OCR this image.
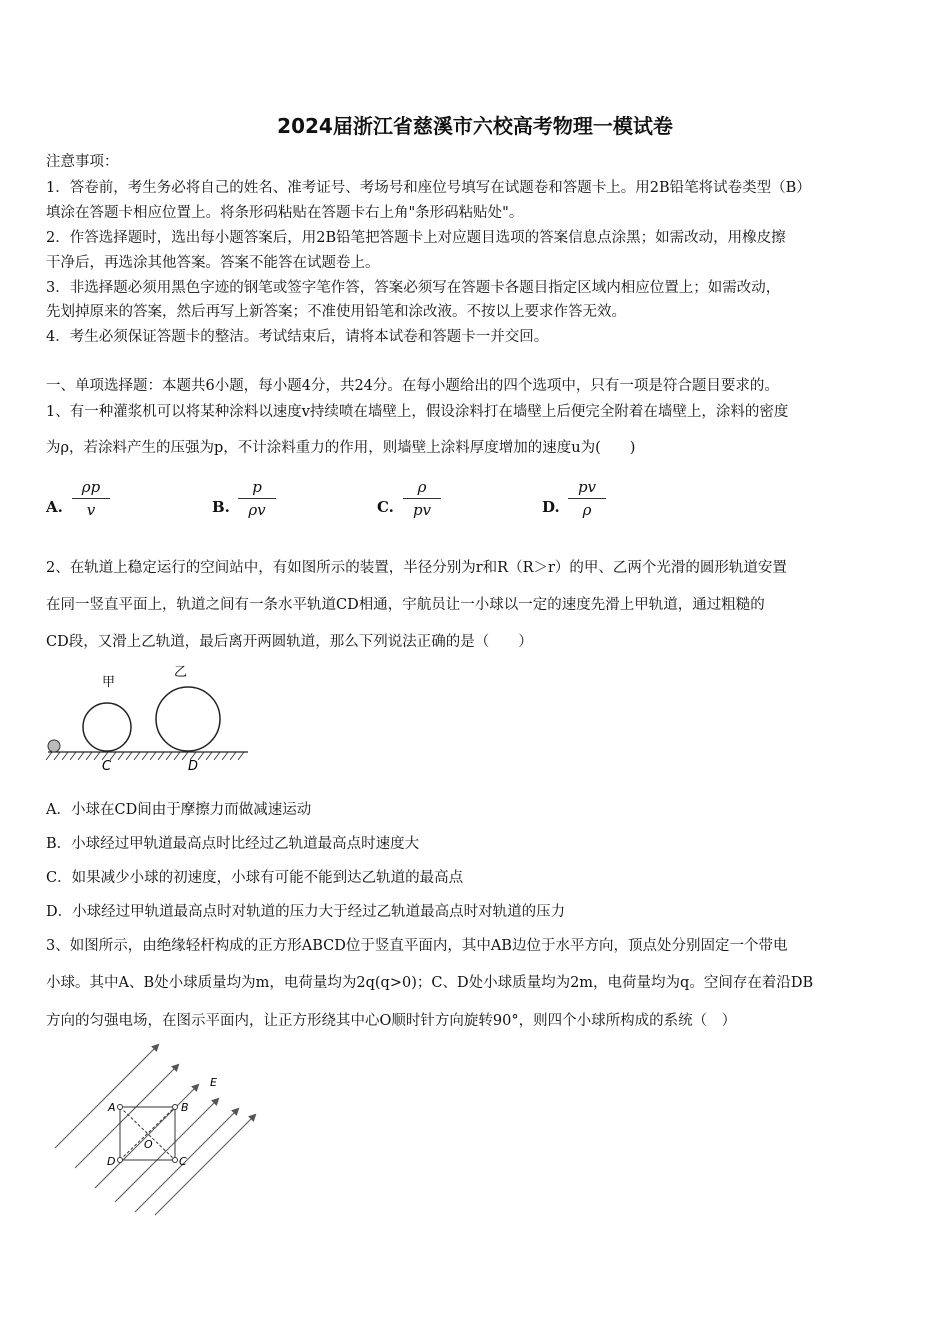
2024届浙江省慈溪市六校高考物理一模试卷
注意事项：
1．答卷前，考生务必将自己的姓名、准考证号、考场号和座位号填写在试题卷和答题卡上。用2B铅笔将试卷类型（B）
填涂在答题卡相应位置上。将条形码粘贴在答题卡右上角"条形码粘贴处"。
2．作答选择题时，选出每小题答案后，用2B铅笔把答题卡上对应题目选项的答案信息点涂黑；如需改动，用橡皮擦
干净后，再选涂其他答案。答案不能答在试题卷上。
3．非选择题必须用黑色字迹的钢笔或签字笔作答，答案必须写在答题卡各题目指定区域内相应位置上；如需改动，
先划掉原来的答案，然后再写上新答案；不准使用铅笔和涂改液。不按以上要求作答无效。
4．考生必须保证答题卡的整洁。考试结束后，请将本试卷和答题卡一并交回。
一、单项选择题：本题共6小题，每小题4分，共24分。在每小题给出的四个选项中，只有一项是符合题目要求的。
1、有一种灌浆机可以将某种涂料以速度v持续喷在墙壁上，假设涂料打在墙壁上后便完全附着在墙壁上，涂料的密度
为ρ，若涂料产生的压强为p，不计涂料重力的作用，则墙壁上涂料厚度增加的速度u为(　　)
A.
ρp
v	B.
p
ρv	C.
ρ
pv	D.
pv
ρ
2、在轨道上稳定运行的空间站中，有如图所示的装置，半径分别为r和R（R＞r）的甲、乙两个光滑的圆形轨道安置
在同一竖直平面上，轨道之间有一条水平轨道CD相通，宇航员让一小球以一定的速度先滑上甲轨道，通过粗糙的
CD段，又滑上乙轨道，最后离开两圆轨道，那么下列说法正确的是（　　）
甲
乙
C	D
A．小球在CD间由于摩擦力而做减速运动
B．小球经过甲轨道最高点时比经过乙轨道最高点时速度大
C．如果减少小球的初速度，小球有可能不能到达乙轨道的最高点
D．小球经过甲轨道最高点时对轨道的压力大于经过乙轨道最高点时对轨道的压力
3、如图所示，由绝缘轻杆构成的正方形ABCD位于竖直平面内，其中AB边位于水平方向，顶点处分别固定一个带电
小球。其中A、B处小球质量均为m，电荷量均为2q(q>0)；C、D处小球质量均为2m，电荷量均为q。空间存在着沿DB
方向的匀强电场，在图示平面内，让正方形绕其中心O顺时针方向旋转90°，则四个小球所构成的系统（　）
A	B
C
D
O
E
